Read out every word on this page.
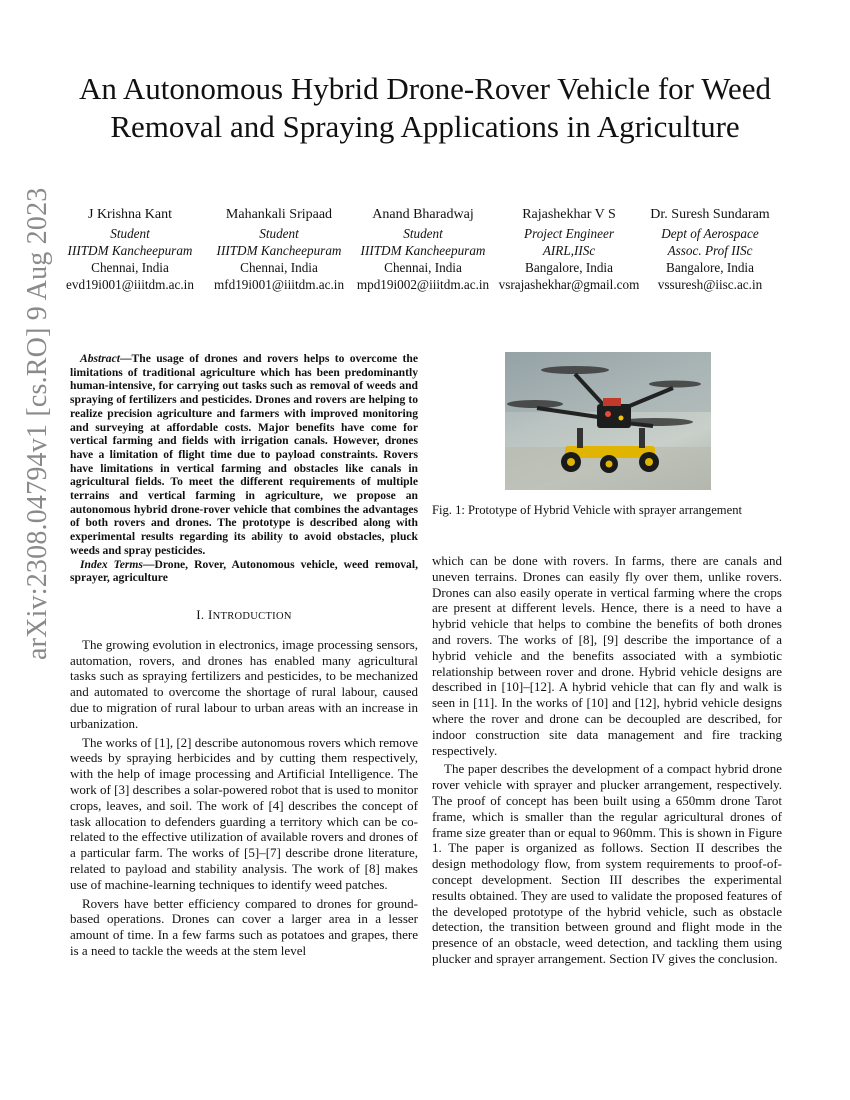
arXiv:2308.04794v1 [cs.RO] 9 Aug 2023
An Autonomous Hybrid Drone-Rover Vehicle for Weed Removal and Spraying Applications in Agriculture
J Krishna Kant
Student
IIITDM Kancheepuram
Chennai, India
evd19i001@iiitdm.ac.in
Mahankali Sripaad
Student
IIITDM Kancheepuram
Chennai, India
mfd19i001@iiitdm.ac.in
Anand Bharadwaj
Student
IIITDM Kancheepuram
Chennai, India
mpd19i002@iiitdm.ac.in
Rajashekhar V S
Project Engineer
AIRL,IISc
Bangalore, India
vsrajashekhar@gmail.com
Dr. Suresh Sundaram
Dept of Aerospace
Assoc. Prof IISc
Bangalore, India
vssuresh@iisc.ac.in

Abstract—The usage of drones and rovers helps to overcome the limitations of traditional agriculture which has been predominantly human-intensive, for carrying out tasks such as removal of weeds and spraying of fertilizers and pesticides. Drones and rovers are helping to realize precision agriculture and farmers with improved monitoring and surveying at affordable costs. Major benefits have come for vertical farming and fields with irrigation canals. However, drones have a limitation of flight time due to payload constraints. Rovers have limitations in vertical farming and obstacles like canals in agricultural fields. To meet the different requirements of multiple terrains and vertical farming in agriculture, we propose an autonomous hybrid drone-rover vehicle that combines the advantages of both rovers and drones. The prototype is described along with experimental results regarding its ability to avoid obstacles, pluck weeds and spray pesticides.

Index Terms—Drone, Rover, Autonomous vehicle, weed removal, sprayer, agriculture

I. INTRODUCTION

The growing evolution in electronics, image processing sensors, automation, rovers, and drones has enabled many agricultural tasks such as spraying fertilizers and pesticides, to be mechanized and automated to overcome the shortage of rural labour, caused due to migration of rural labour to urban areas with an increase in urbanization.

The works of [1], [2] describe autonomous rovers which remove weeds by spraying herbicides and by cutting them respectively, with the help of image processing and Artificial Intelligence. The work of [3] describes a solar-powered robot that is used to monitor crops, leaves, and soil. The work of [4] describes the concept of task allocation to defenders guarding a territory which can be co-related to the effective utilization of available rovers and drones of a particular farm. The works of [5]–[7] describe drone literature, related to payload and stability analysis. The work of [8] makes use of machine-learning techniques to identify weed patches.

Rovers have better efficiency compared to drones for ground-based operations. Drones can cover a larger area in a lesser amount of time. In a few farms such as potatoes and grapes, there is a need to tackle the weeds at the stem level

Fig. 1: Prototype of Hybrid Vehicle with sprayer arrangement

which can be done with rovers. In farms, there are canals and uneven terrains. Drones can easily fly over them, unlike rovers. Drones can also easily operate in vertical farming where the crops are present at different levels. Hence, there is a need to have a hybrid vehicle that helps to combine the benefits of both drones and rovers. The works of [8], [9] describe the importance of a hybrid vehicle and the benefits associated with a symbiotic relationship between rover and drone. Hybrid vehicle designs are described in [10]–[12]. A hybrid vehicle that can fly and walk is seen in [11]. In the works of [10] and [12], hybrid vehicle designs where the rover and drone can be decoupled are described, for indoor construction site data management and fire tracking respectively.

The paper describes the development of a compact hybrid drone rover vehicle with sprayer and plucker arrangement, respectively. The proof of concept has been built using a 650mm drone Tarot frame, which is smaller than the regular agricultural drones of frame size greater than or equal to 960mm. This is shown in Figure 1. The paper is organized as follows. Section II describes the design methodology flow, from system requirements to proof-of-concept development. Section III describes the experimental results obtained. They are used to validate the proposed features of the developed prototype of the hybrid vehicle, such as obstacle detection, the transition between ground and flight mode in the presence of an obstacle, weed detection, and tackling them using plucker and sprayer arrangement. Section IV gives the conclusion.
